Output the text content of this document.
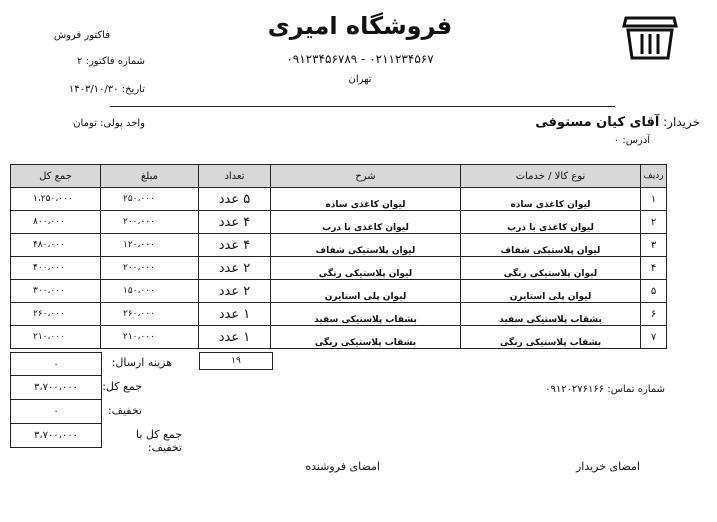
فروشگاه امیری
۰۹۱۲۳۴۵۶۷۸۹ - ۰۲۱۱۲۳۴۵۶۷
تهران
فاکتور فروش
شماره فاکتور: ۲
تاریخ: ۱۴۰۳/۱۰/۳۰
واحد پولی: تومان	خریدار: آقای کیان مستوفی
آدرس: ۰
جمع کل	مبلغ	تعداد	شرح	نوع کالا / خدمات	ردیف
۱،۲۵۰،۰۰۰	۲۵۰،۰۰۰	۵ عدد	لیوان کاغذی ساده	لیوان کاغذی ساده	۱
۸۰۰،۰۰۰	۲۰۰،۰۰۰	۴ عدد	لیوان کاغذی با درب	لیوان کاغذی با درب	۲
۴۸۰،۰۰۰	۱۲۰،۰۰۰	۴ عدد	لیوان پلاستیکی شفاف	لیوان پلاستیکی شفاف	۳
۴۰۰،۰۰۰	۲۰۰،۰۰۰	۲ عدد	لیوان پلاستیکی رنگی	لیوان پلاستیکی رنگی	۴
۳۰۰،۰۰۰	۱۵۰،۰۰۰	۲ عدد	لیوان پلی استایرن	لیوان پلی استایرن	۵
۲۶۰،۰۰۰	۲۶۰،۰۰۰	۱ عدد	بشقاب پلاستیکی سفید	بشقاب پلاستیکی سفید	۶
۲۱۰،۰۰۰	۲۱۰،۰۰۰	۱ عدد	بشقاب پلاستیکی رنگی	بشقاب پلاستیکی رنگی	۷
۱۹
۰	هزینه ارسال:
۳،۷۰۰،۰۰۰	جمع کل:
۰	تخفیف:
۳،۷۰۰،۰۰۰	جمع کل با تخفیف:
شماره تماس: ۰۹۱۲۰۲۷۶۱۶۶
امضای خریدار
امضای فروشنده
